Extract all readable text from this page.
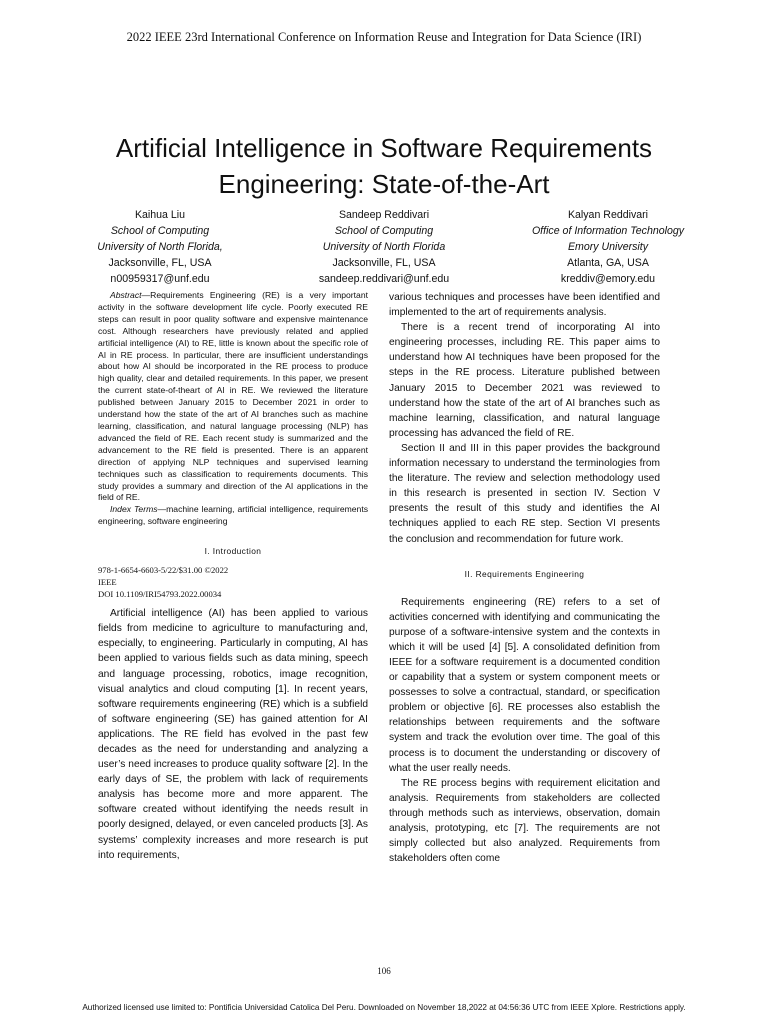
2022 IEEE 23rd International Conference on Information Reuse and Integration for Data Science (IRI)
Artificial Intelligence in Software Requirements
Engineering: State-of-the-Art
Kaihua Liu
School of Computing
University of North Florida,
Jacksonville, FL, USA
n00959317@unf.edu
Sandeep Reddivari
School of Computing
University of North Florida
Jacksonville, FL, USA
sandeep.reddivari@unf.edu
Kalyan Reddivari
Office of Information Technology
Emory University
Atlanta, GA, USA
kreddiv@emory.edu

Abstract—Requirements Engineering (RE) is a very important activity in the software development life cycle. Poorly executed RE steps can result in poor quality software and expensive maintenance cost. Although researchers have previously related and applied artificial intelligence (AI) to RE, little is known about the specific role of AI in RE process. In particular, there are insufficient understandings about how AI should be incorporated in the RE process to produce high quality, clear and detailed requirements. In this paper, we present the current state-of-theart of AI in RE. We reviewed the literature published between January 2015 to December 2021 in order to understand how the state of the art of AI branches such as machine learning, classification, and natural language processing (NLP) has advanced the field of RE. Each recent study is summarized and the advancement to the RE field is presented. There is an apparent direction of applying NLP techniques and supervised learning techniques such as classification to requirements documents. This study provides a summary and direction of the AI applications in the field of RE.

Index Terms—machine learning, artificial intelligence, requirements engineering, software engineering

I. Introduction

978-1-6654-6603-5/22/$31.00 ©2022

IEEE

DOI 10.1109/IRI54793.2022.00034

Artificial intelligence (AI) has been applied to various fields from medicine to agriculture to manufacturing and, especially, to engineering. Particularly in computing, AI has been applied to various fields such as data mining, speech and language processing, robotics, image recognition, visual analytics and cloud computing [1]. In recent years, software requirements engineering (RE) which is a subfield of software engineering (SE) has gained attention for AI applications. The RE field has evolved in the past few decades as the need for understanding and analyzing a user’s need increases to produce quality software [2]. In the early days of SE, the problem with lack of requirements analysis has become more and more apparent. The software created without identifying the needs result in poorly designed, delayed, or even canceled products [3]. As systems’ complexity increases and more research is put into requirements,

various techniques and processes have been identified and implemented to the art of requirements analysis.

There is a recent trend of incorporating AI into engineering processes, including RE. This paper aims to understand how AI techniques have been proposed for the steps in the RE process. Literature published between January 2015 to December 2021 was reviewed to understand how the state of the art of AI branches such as machine learning, classification, and natural language processing has advanced the field of RE.

Section II and III in this paper provides the background information necessary to understand the terminologies from the literature. The review and selection methodology used in this research is presented in section IV. Section V presents the result of this study and identifies the AI techniques applied to each RE step. Section VI presents the conclusion and recommendation for future work.

II. Requirements Engineering

Requirements engineering (RE) refers to a set of activities concerned with identifying and communicating the purpose of a software-intensive system and the contexts in which it will be used [4] [5]. A consolidated definition from IEEE for a software requirement is a documented condition or capability that a system or system component meets or possesses to solve a contractual, standard, or specification problem or objective [6]. RE processes also establish the relationships between requirements and the software system and track the evolution over time. The goal of this process is to document the understanding or discovery of what the user really needs.

The RE process begins with requirement elicitation and analysis. Requirements from stakeholders are collected through methods such as interviews, observation, domain analysis, prototyping, etc [7]. The requirements are not simply collected but also analyzed. Requirements from stakeholders often come

106
Authorized licensed use limited to: Pontificia Universidad Catolica Del Peru. Downloaded on November 18,2022 at 04:56:36 UTC from IEEE Xplore. Restrictions apply.
